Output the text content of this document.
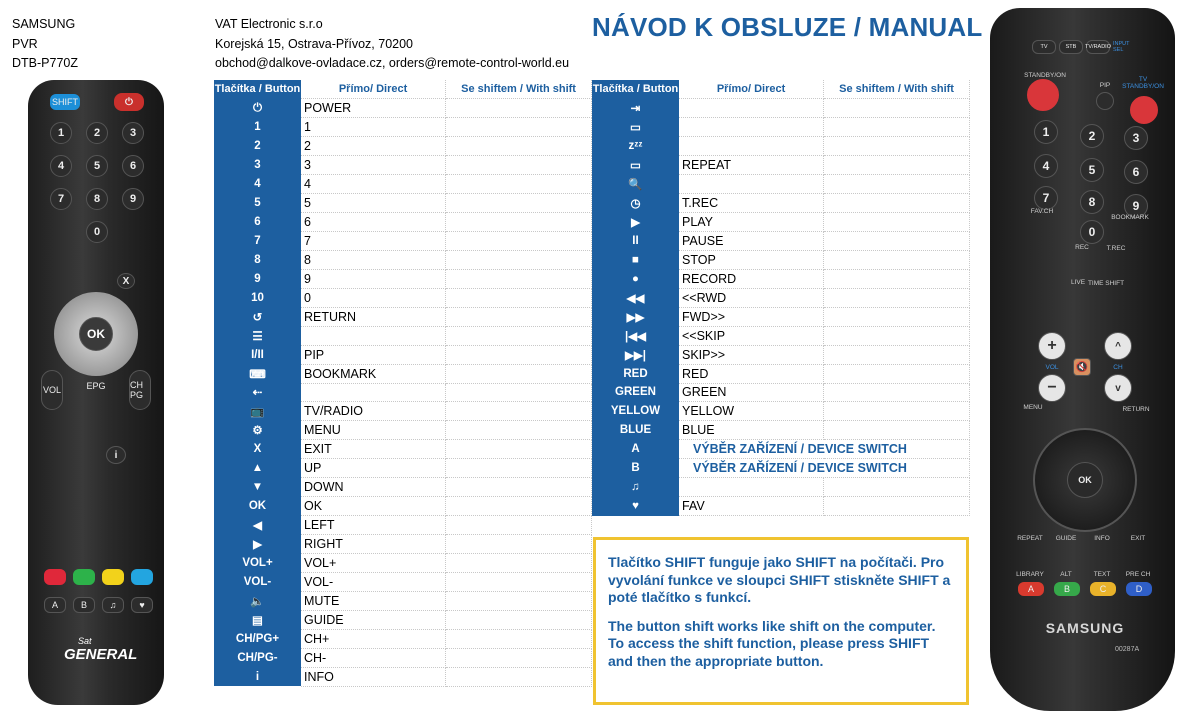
SAMSUNG
PVR
DTB-P770Z
VAT Electronic s.r.o
Korejská 15, Ostrava-Přívoz, 70200
obchod@dalkove-ovladace.cz, orders@remote-control-world.eu
NÁVOD K OBSLUZE / MANUAL
Tlačítka / Button	Přímo/ Direct	Se shiftem / With shift
⏻	POWER	
1	1	
2	2	
3	3	
4	4	
5	5	
6	6	
7	7	
8	8	
9	9	
10	0	
↺	RETURN	
☰		
I/II	PIP	
⌨	BOOKMARK	
⇠		
📺	TV/RADIO	
⚙	MENU	
X	EXIT	
▲	UP	
▼	DOWN	
OK	OK	
◀	LEFT	
▶	RIGHT	
VOL+	VOL+	
VOL-	VOL-	
🔈	MUTE	
▤	GUIDE	
CH/PG+	CH+	
CH/PG-	CH-	
i	INFO	
Tlačítka / Button	Přímo/ Direct	Se shiftem / With shift
⇥		
▭		
zᶻᶻ		
▭	REPEAT	
🔍		
◷	T.REC	
▶	PLAY	
II	PAUSE	
■	STOP	
●	RECORD	
◀◀	<<RWD	
▶▶	FWD>>	
|◀◀	<<SKIP	
▶▶|	SKIP>>	
RED	RED	
GREEN	GREEN	
YELLOW	YELLOW	
BLUE	BLUE	
A	VÝBĚR ZAŘÍZENÍ / DEVICE SWITCH	
B	VÝBĚR ZAŘÍZENÍ / DEVICE SWITCH	
♫		
♥	FAV	

Tlačítko SHIFT funguje jako SHIFT na počítači. Pro vyvolání funkce ve sloupci SHIFT stiskněte SHIFT a poté tlačítko s funkcí.

The button shift works like shift on the computer. To access the shift function, please press SHIFT and then the appropriate button.

SHIFT	⏻
1	2	3
4	5	6
7	8	9
0
OK
VOL	EPG	CH PG
X
i
A	B	♫	♥
Sat
GENERAL
TV	STB	TV/RADIO INPUT SEL
STANDBY/ON
PIP
TV STANDBY/ON
1	2	3
4	5	6
7	8	9
0
FAV.CH
BOOKMARK
REC	T.REC
LIVE TIME SHIFT
+
−
VOL	🔇
^
v
CH
MENU	RETURN
OK
REPEAT	GUIDE	INFO	EXIT
LIBRARY	ALT	TEXT	PRE CH
A	B	C	D
SAMSUNG
00287A
